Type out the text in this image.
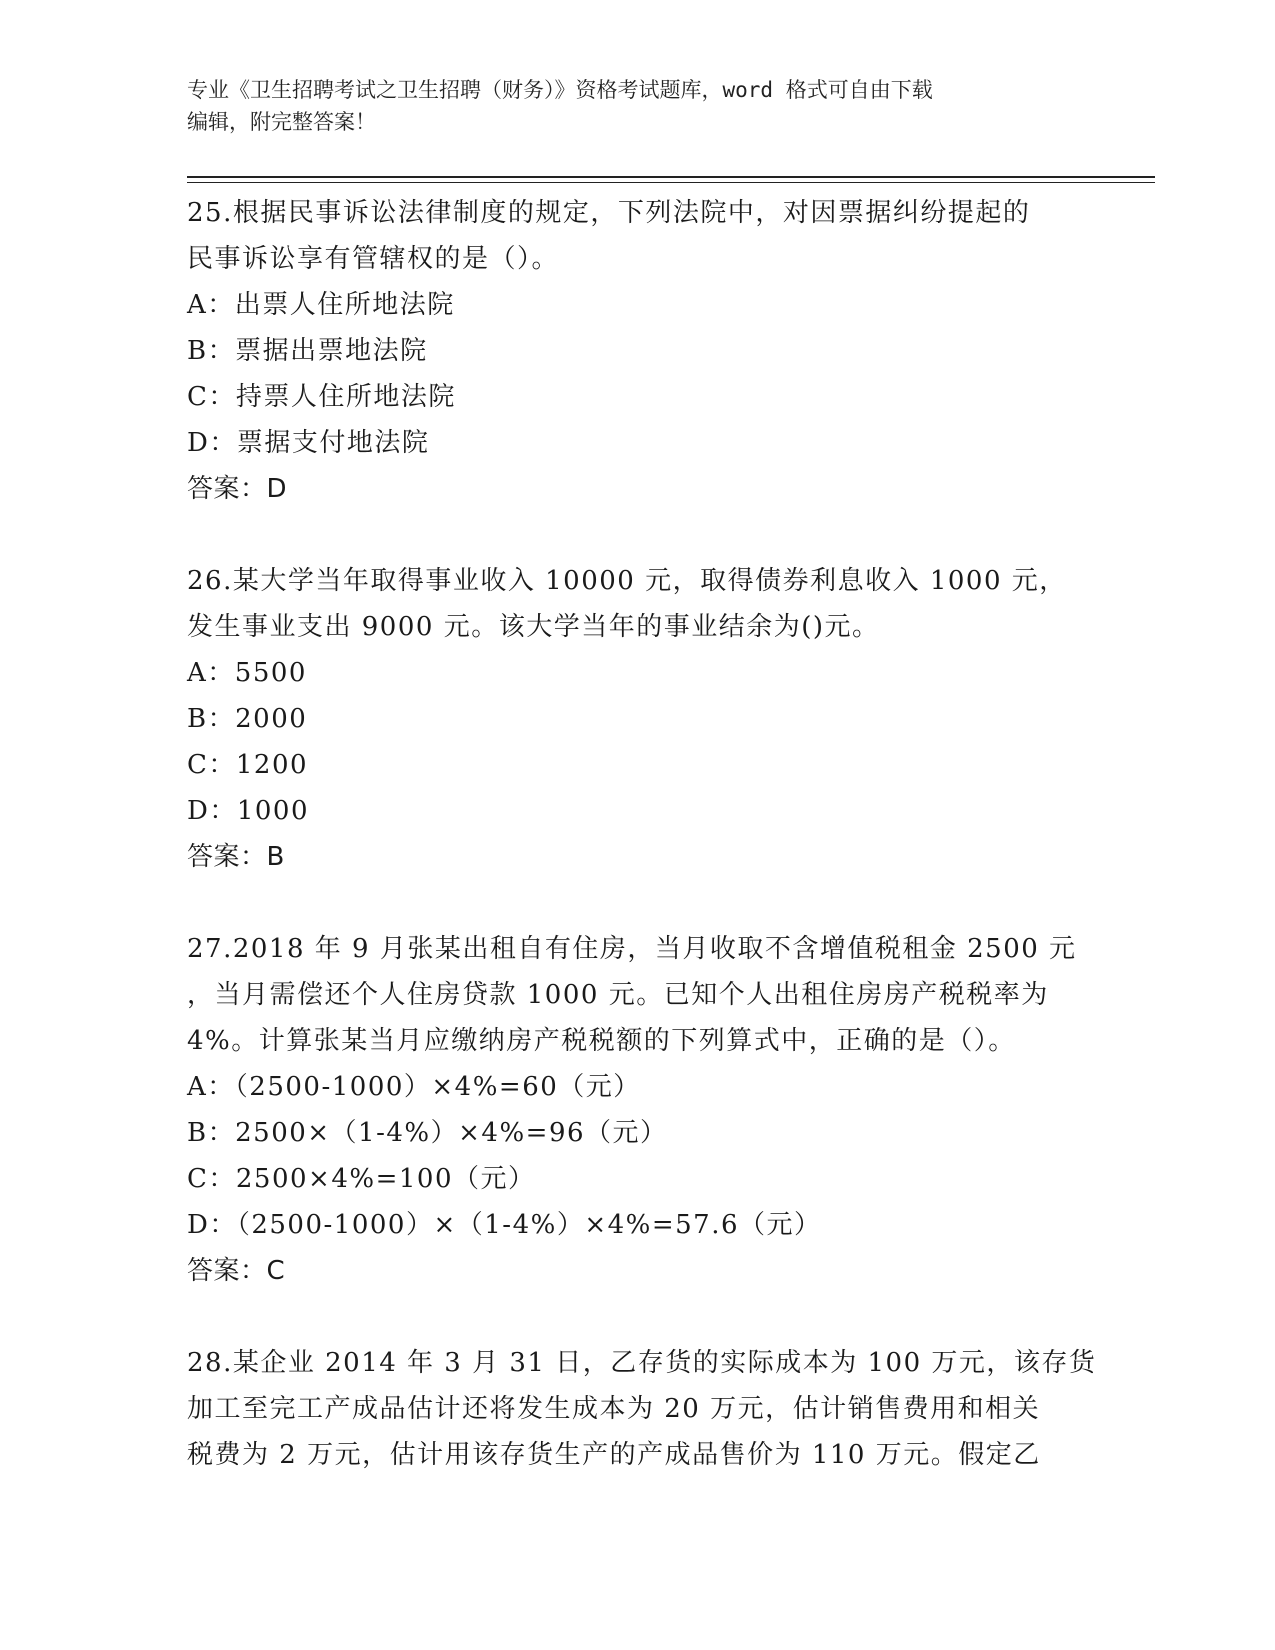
专业《卫生招聘考试之卫生招聘（财务）》资格考试题库，word 格式可自由下载
编辑，附完整答案！
25.根据民事诉讼法律制度的规定，下列法院中，对因票据纠纷提起的
民事诉讼享有管辖权的是（）。
A：出票人住所地法院
B：票据出票地法院
C：持票人住所地法院
D：票据支付地法院
答案：D
26.某大学当年取得事业收入 10000 元，取得债券利息收入 1000 元，
发生事业支出 9000 元。该大学当年的事业结余为()元。
A：5500
B：2000
C：1200
D：1000
答案：B
27.2018 年 9 月张某出租自有住房，当月收取不含增值税租金 2500 元
，当月需偿还个人住房贷款 1000 元。已知个人出租住房房产税税率为
4%。计算张某当月应缴纳房产税税额的下列算式中，正确的是（）。
A：（2500-1000）×4%=60（元）
B：2500×（1-4%）×4%=96（元）
C：2500×4%=100（元）
D：（2500-1000）×（1-4%）×4%=57.6（元）
答案：C
28.某企业 2014 年 3 月 31 日，乙存货的实际成本为 100 万元，该存货
加工至完工产成品估计还将发生成本为 20 万元，估计销售费用和相关
税费为 2 万元，估计用该存货生产的产成品售价为 110 万元。假定乙
